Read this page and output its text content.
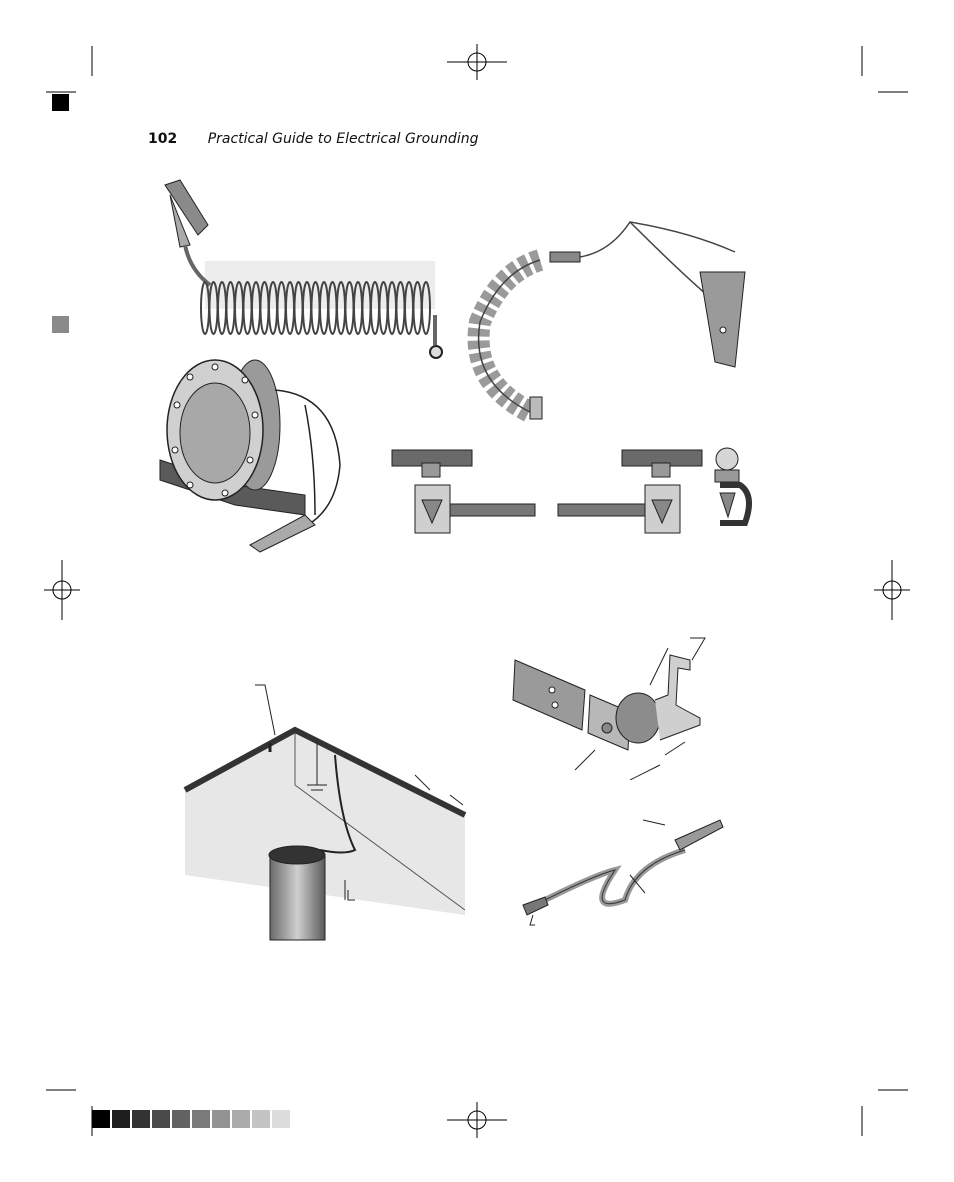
102 Practical Guide to Electrical Grounding
